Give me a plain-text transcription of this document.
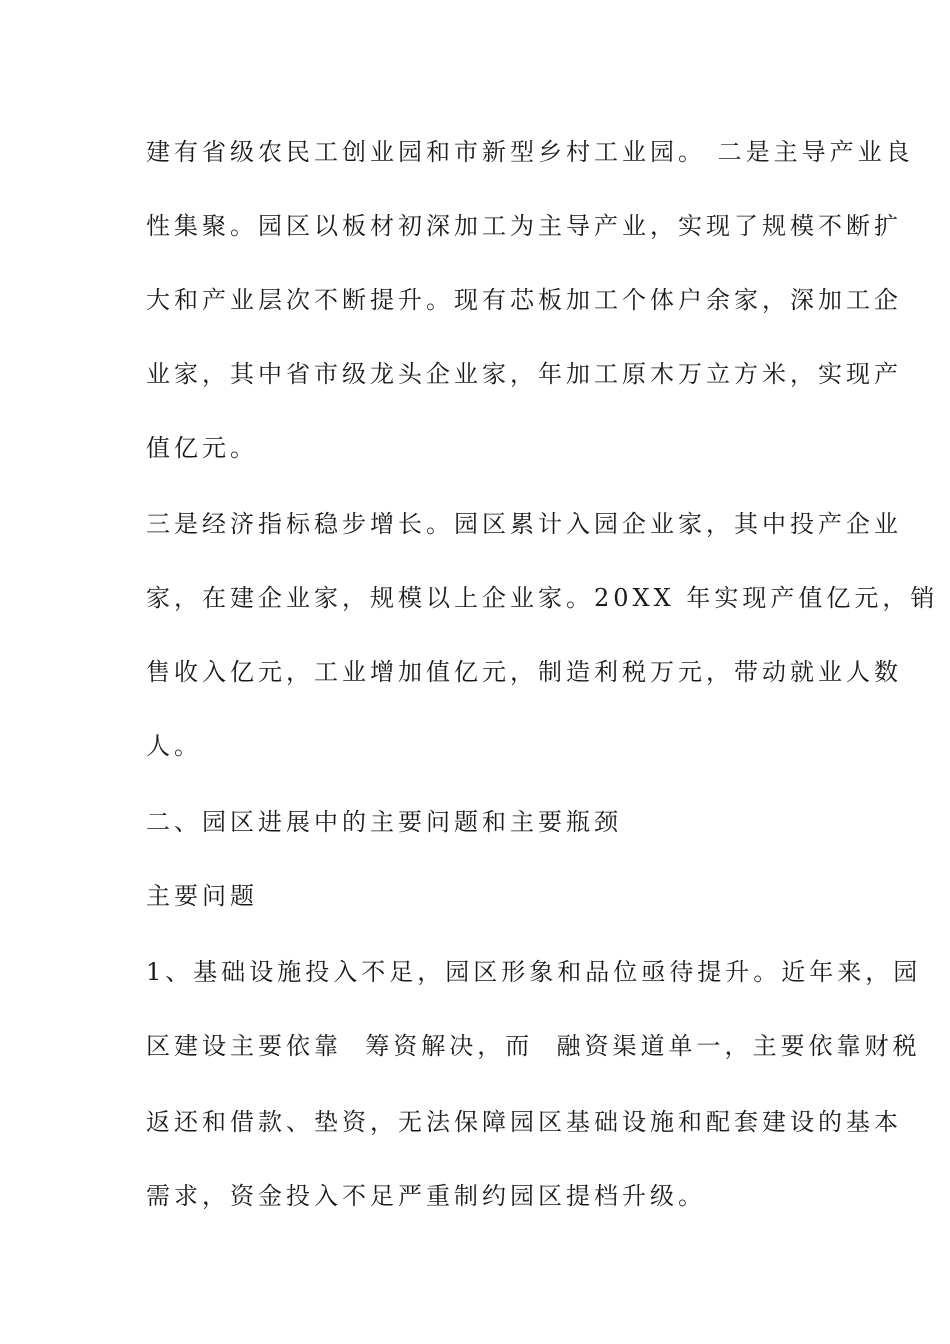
建有省级农民工创业园和市新型乡村工业园。 二是主导产业良
性集聚。园区以板材初深加工为主导产业，实现了规模不断扩
大和产业层次不断提升。现有芯板加工个体户余家，深加工企
业家，其中省市级龙头企业家，年加工原木万立方米，实现产
值亿元。
三是经济指标稳步增长。园区累计入园企业家，其中投产企业
家，在建企业家，规模以上企业家。20XX 年实现产值亿元，销
售收入亿元，工业增加值亿元，制造利税万元，带动就业人数
人。
二、园区进展中的主要问题和主要瓶颈
主要问题
1、基础设施投入不足，园区形象和品位亟待提升。近年来，园
区建设主要依靠  筹资解决，而  融资渠道单一，主要依靠财税
返还和借款、垫资，无法保障园区基础设施和配套建设的基本
需求，资金投入不足严重制约园区提档升级。
